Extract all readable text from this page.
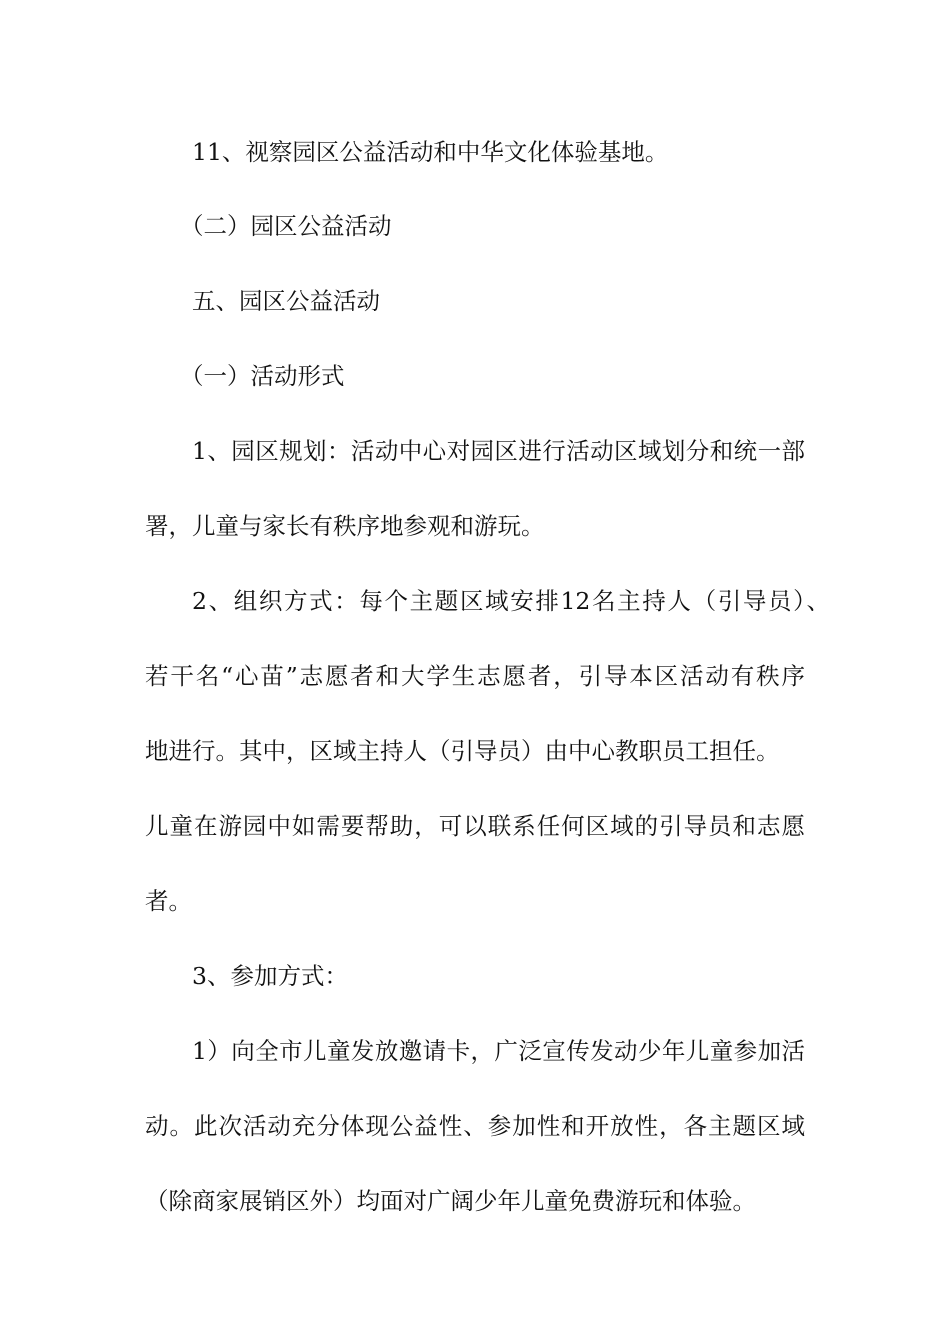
11、视察园区公益活动和中华文化体验基地。
（二）园区公益活动
五、园区公益活动
（一）活动形式
1、园区规划：活动中心对园区进行活动区域划分和统一部
署，儿童与家长有秩序地参观和游玩。
2、组织方式：每个主题区域安排12名主持人（引导员）、
若干名“心苗”志愿者和大学生志愿者，引导本区活动有秩序
地进行。其中，区域主持人（引导员）由中心教职员工担任。
儿童在游园中如需要帮助，可以联系任何区域的引导员和志愿
者。
3、参加方式：
1）向全市儿童发放邀请卡，广泛宣传发动少年儿童参加活
动。此次活动充分体现公益性、参加性和开放性，各主题区域
（除商家展销区外）均面对广阔少年儿童免费游玩和体验。
